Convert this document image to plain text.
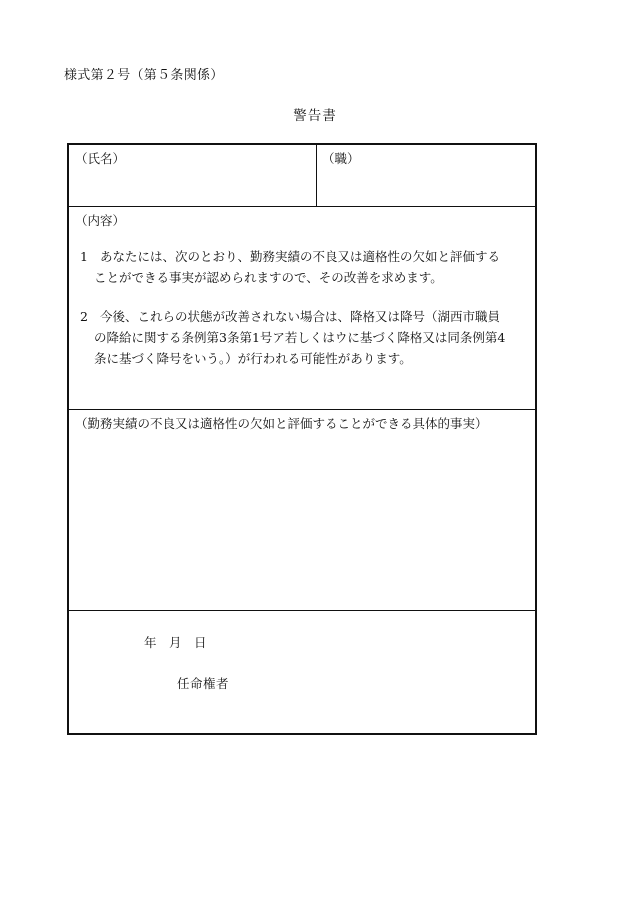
様式第２号（第５条関係）
警告書
（氏名）	（職）
（内容）
1 あなたには、次のとおり、勤務実績の不良又は適格性の欠如と評価する
ことができる事実が認められますので、その改善を求めます。
2 今後、これらの状態が改善されない場合は、降格又は降号（湖西市職員
の降給に関する条例第3条第1号ア若しくはウに基づく降格又は同条例第4
条に基づく降号をいう。）が行われる可能性があります。
（勤務実績の不良又は適格性の欠如と評価することができる具体的事実）
年　月　日
任命権者
